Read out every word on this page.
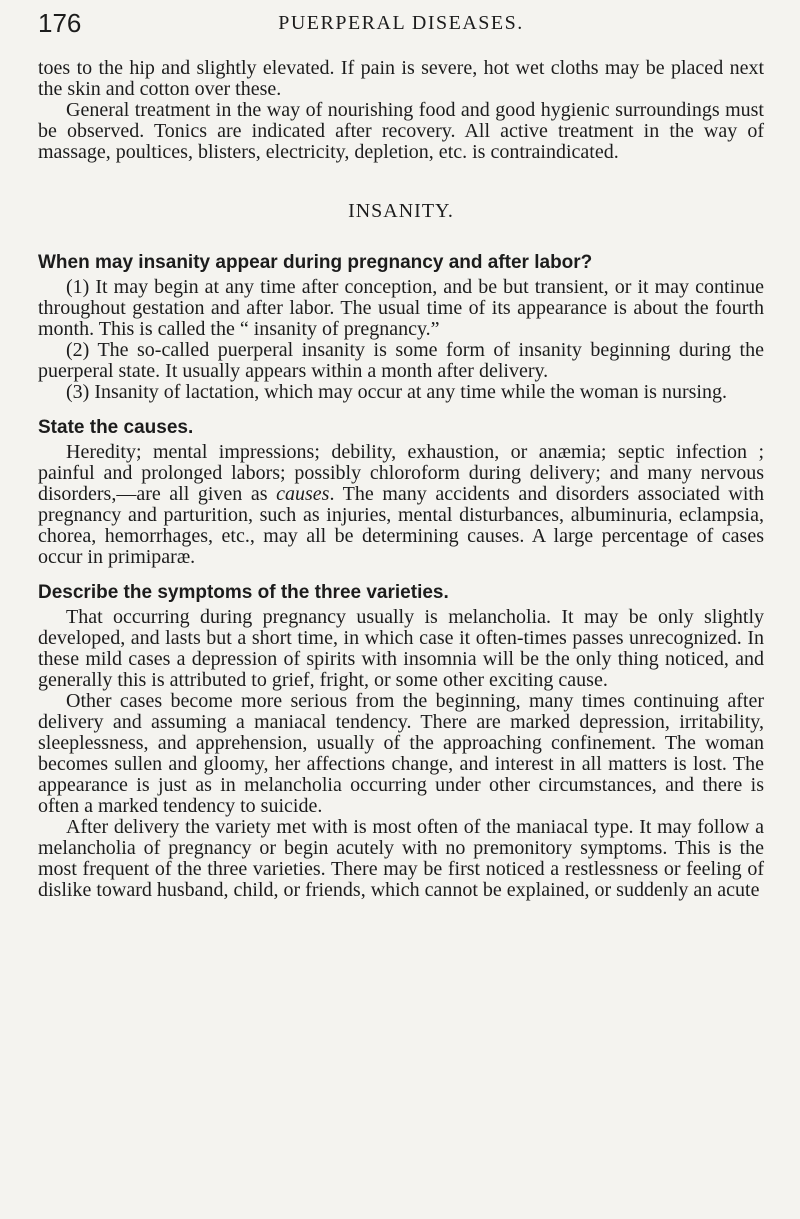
176	PUERPERAL DISEASES.

toes to the hip and slightly elevated. If pain is severe, hot wet cloths may be placed next the skin and cotton over these.

General treatment in the way of nourishing food and good hygienic surroundings must be observed. Tonics are indicated after recovery. All active treatment in the way of massage, poultices, blisters, electricity, depletion, etc. is contraindicated.

INSANITY.
When may insanity appear during pregnancy and after labor?

(1) It may begin at any time after conception, and be but transient, or it may continue throughout gestation and after labor. The usual time of its appearance is about the fourth month. This is called the “ insanity of pregnancy.”

(2) The so-called puerperal insanity is some form of insanity beginning during the puerperal state. It usually appears within a month after delivery.

(3) Insanity of lactation, which may occur at any time while the woman is nursing.

State the causes.

Heredity; mental impressions; debility, exhaustion, or anæmia; septic infection ; painful and prolonged labors; possibly chloroform during delivery; and many nervous disorders,—are all given as causes. The many accidents and disorders associated with pregnancy and parturition, such as injuries, mental disturbances, albuminuria, eclampsia, chorea, hemorrhages, etc., may all be determining causes. A large percentage of cases occur in primiparæ.

Describe the symptoms of the three varieties.

That occurring during pregnancy usually is melancholia. It may be only slightly developed, and lasts but a short time, in which case it often-times passes unrecognized. In these mild cases a depression of spirits with insomnia will be the only thing noticed, and generally this is attributed to grief, fright, or some other exciting cause.

Other cases become more serious from the beginning, many times continuing after delivery and assuming a maniacal tendency. There are marked depression, irritability, sleeplessness, and apprehension, usually of the approaching confinement. The woman becomes sullen and gloomy, her affections change, and interest in all matters is lost. The appearance is just as in melancholia occurring under other circumstances, and there is often a marked tendency to suicide.

After delivery the variety met with is most often of the maniacal type. It may follow a melancholia of pregnancy or begin acutely with no premonitory symptoms. This is the most frequent of the three varieties. There may be first noticed a restlessness or feeling of dislike toward husband, child, or friends, which cannot be explained, or suddenly an acute
